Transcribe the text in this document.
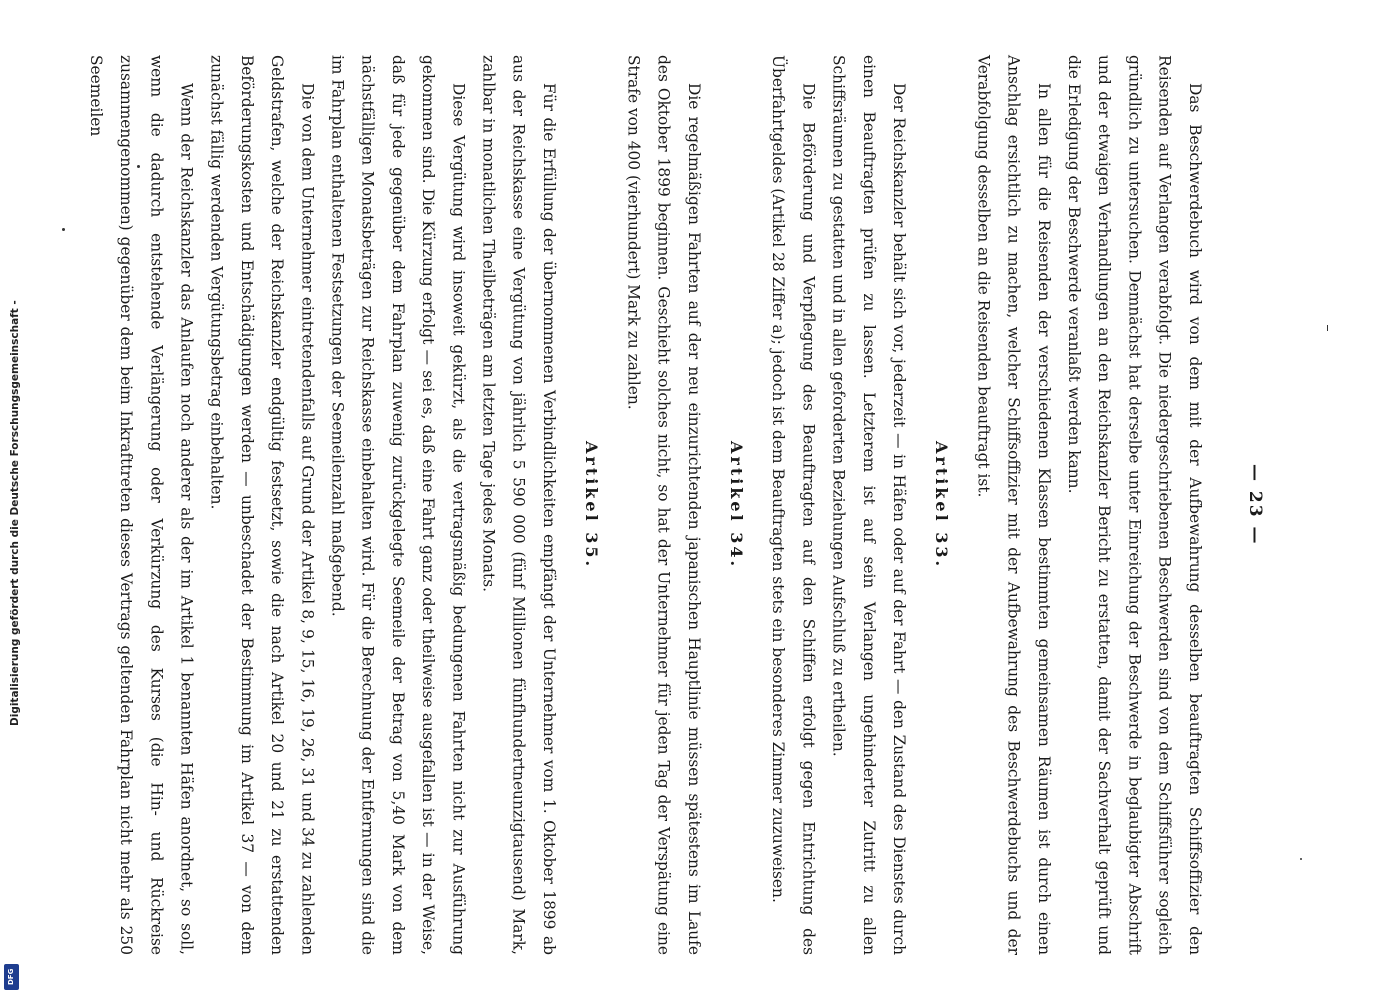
— 23 —

Das Beschwerdebuch wird von dem mit der Aufbewahrung desselben beauftragten Schiffsoffizier den Reisenden auf Verlangen verabfolgt. Die niedergeschriebenen Beschwerden sind von dem Schiffsführer sogleich gründlich zu untersuchen. Demnächst hat derselbe unter Einreichung der Beschwerde in beglaubigter Abschrift und der etwaigen Verhandlungen an den Reichskanzler Bericht zu erstatten, damit der Sachverhalt geprüft und die Erledigung der Beschwerde veranlaßt werden kann.

In allen für die Reisenden der verschiedenen Klassen bestimmten gemeinsamen Räumen ist durch einen Anschlag ersichtlich zu machen, welcher Schiffsoffizier mit der Aufbewahrung des Beschwerdebuchs und der Verabfolgung desselben an die Reisenden beauftragt ist.

Artikel 33.

Der Reichskanzler behält sich vor, jederzeit — in Häfen oder auf der Fahrt — den Zustand des Dienstes durch einen Beauftragten prüfen zu lassen. Letzterem ist auf sein Verlangen ungehinderter Zutritt zu allen Schiffsräumen zu gestatten und in allen geforderten Beziehungen Aufschluß zu ertheilen.

Die Beförderung und Verpflegung des Beauftragten auf den Schiffen erfolgt gegen Entrichtung des Überfahrtgeldes (Artikel 28 Ziffer a); jedoch ist dem Beauftragten stets ein besonderes Zimmer zuzuweisen.

Artikel 34.

Die regelmäßigen Fahrten auf der neu einzurichtenden japanischen Hauptlinie müssen spätestens im Laufe des Oktober 1899 beginnen. Geschieht solches nicht, so hat der Unternehmer für jeden Tag der Verspätung eine Strafe von 400 (vierhundert) Mark zu zahlen.

Artikel 35.

Für die Erfüllung der übernommenen Verbindlichkeiten empfängt der Unternehmer vom 1. Oktober 1899 ab aus der Reichskasse eine Vergütung von jährlich 5 590 000 (fünf Millionen fünfhundertneunzigtausend) Mark, zahlbar in monatlichen Theilbeträgen am letzten Tage jedes Monats.

Diese Vergütung wird insoweit gekürzt, als die vertragsmäßig bedungenen Fahrten nicht zur Ausführung gekommen sind. Die Kürzung erfolgt — sei es, daß eine Fahrt ganz oder theilweise ausgefallen ist — in der Weise, daß für jede gegenüber dem Fahrplan zuwenig zurückgelegte Seemeile der Betrag von 5,40 Mark von dem nächstfälligen Monatsbeträgen zur Reichskasse einbehalten wird. Für die Berechnung der Entfernungen sind die im Fahrplan enthaltenen Festsetzungen der Seemeilenzahl maßgebend.

Die von dem Unternehmer eintretendenfalls auf Grund der Artikel 8, 9, 15, 16, 19, 26, 31 und 34 zu zahlenden Geldstrafen, welche der Reichskanzler endgültig festsetzt, sowie die nach Artikel 20 und 21 zu erstattenden Beförderungskosten und Entschädigungen werden — unbeschadet der Bestimmung im Artikel 37 — von dem zunächst fällig werdenden Vergütungsbetrag einbehalten.

Wenn der Reichskanzler das Anlaufen noch anderer als der im Artikel 1 benannten Häfen anordnet, so soll, wenn die dadurch entstehende Verlängerung oder Verkürzung des Kurses (die Hin- und Rückreise zusammengenommen) gegenüber dem beim Inkrafttreten dieses Vertrags geltenden Fahrplan nicht mehr als 250 Seemeilen

Digitalisierung gefördert durch die Deutsche Forschungsgemeinschaft -
DFG
